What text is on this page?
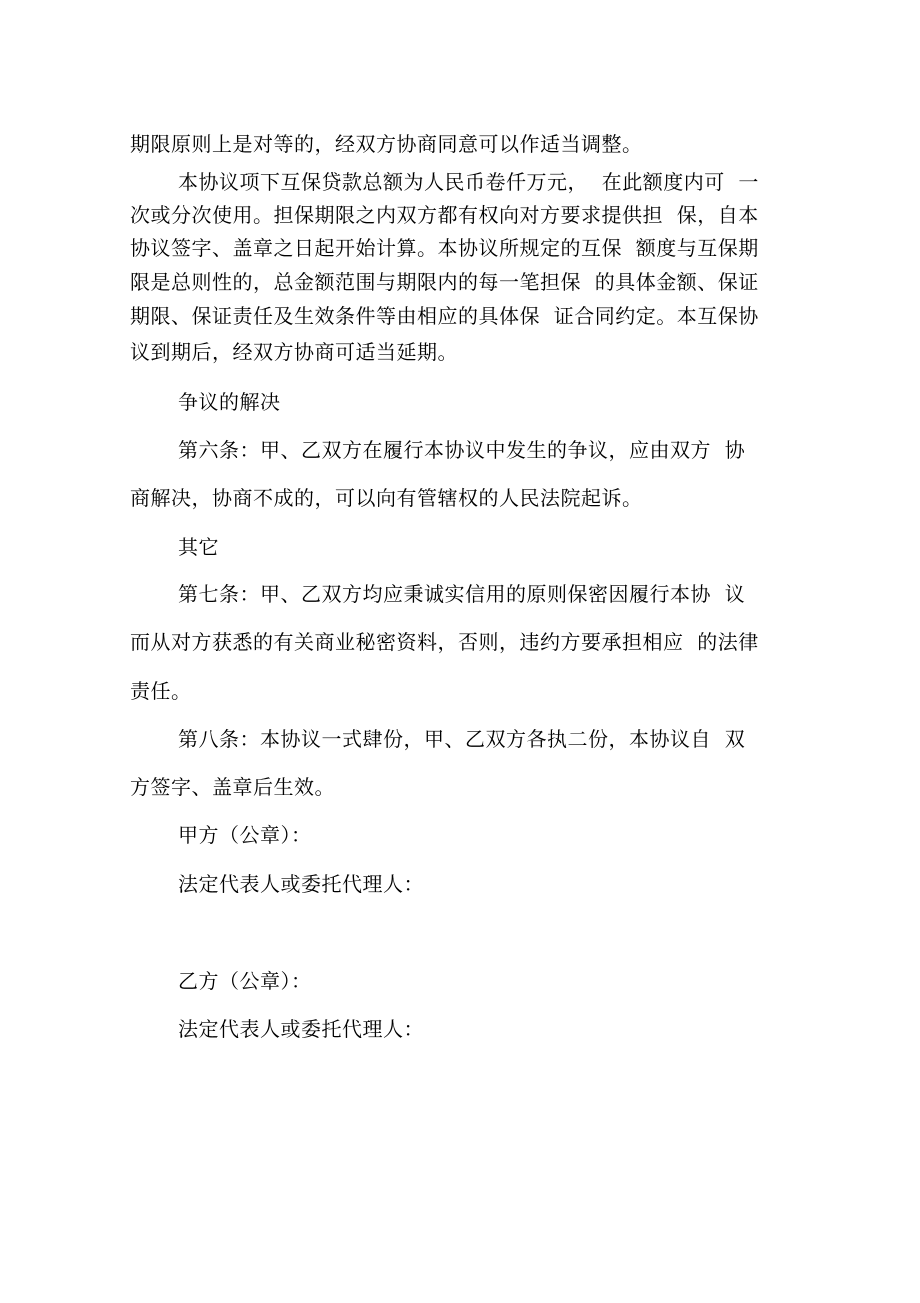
期限原则上是对等的，经双方协商同意可以作适当调整。
本协议项下互保贷款总额为人民币卷仟万元，  在此额度内可  一
次或分次使用。担保期限之内双方都有权向对方要求提供担  保，自本
协议签字、盖章之日起开始计算。本协议所规定的互保  额度与互保期
限是总则性的，总金额范围与期限内的每一笔担保  的具体金额、保证
期限、保证责任及生效条件等由相应的具体保  证合同约定。本互保协
议到期后，经双方协商可适当延期。
争议的解决
第六条：甲、乙双方在履行本协议中发生的争议，应由双方  协
商解决，协商不成的，可以向有管辖权的人民法院起诉。
其它
第七条：甲、乙双方均应秉诚实信用的原则保密因履行本协  议
而从对方获悉的有关商业秘密资料，否则，违约方要承担相应  的法律
责任。
第八条：本协议一式肆份，甲、乙双方各执二份，本协议自  双
方签字、盖章后生效。
甲方（公章）：
法定代表人或委托代理人：
乙方（公章）：
法定代表人或委托代理人：
